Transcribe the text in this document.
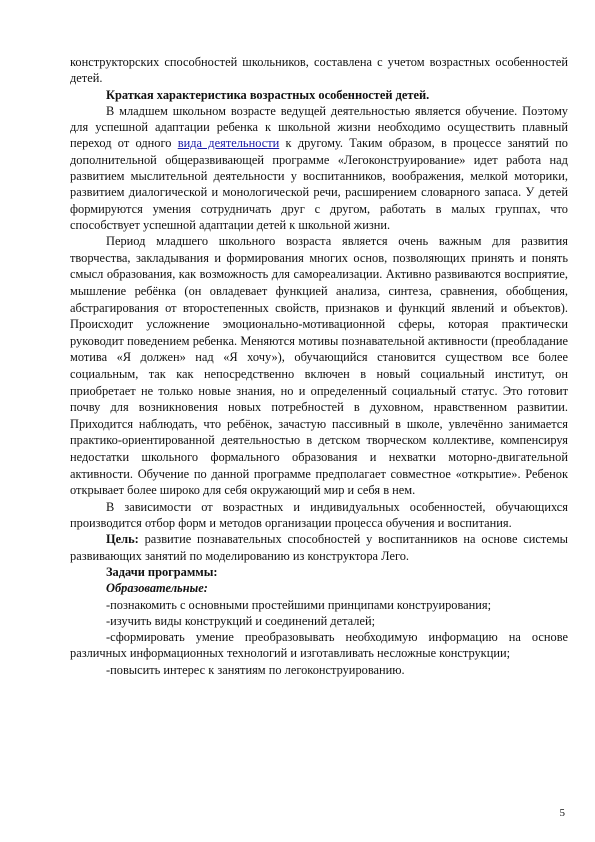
конструкторских способностей школьников, составлена с учетом возрастных особенностей детей.

Краткая характеристика возрастных особенностей детей.

В младшем школьном возрасте ведущей деятельностью является обучение. Поэтому для успешной адаптации ребенка к школьной жизни необходимо осуществить плавный переход от одного вида деятельности к другому. Таким образом, в процессе занятий по дополнительной общеразвивающей программе «Легоконструирование» идет работа над развитием мыслительной деятельности у воспитанников, воображения, мелкой моторики, развитием диалогической и монологической речи, расширением словарного запаса. У детей формируются умения сотрудничать друг с другом, работать в малых группах, что способствует успешной адаптации детей к школьной жизни.

Период младшего школьного возраста является очень важным для развития творчества, закладывания и формирования многих основ, позволяющих принять и понять смысл образования, как возможность для самореализации. Активно развиваются восприятие, мышление ребёнка (он овладевает функцией анализа, синтеза, сравнения, обобщения, абстрагирования от второстепенных свойств, признаков и функций явлений и объектов). Происходит усложнение эмоционально-мотивационной сферы, которая практически руководит поведением ребенка. Меняются мотивы познавательной активности (преобладание мотива «Я должен» над «Я хочу»), обучающийся становится существом все более социальным, так как непосредственно включен в новый социальный институт, он приобретает не только новые знания, но и определенный социальный статус. Это готовит почву для возникновения новых потребностей в духовном, нравственном развитии. Приходится наблюдать, что ребёнок, зачастую пассивный в школе, увлечённо занимается практико-ориентированной деятельностью в детском творческом коллективе, компенсируя недостатки школьного формального образования и нехватки моторно-двигательной активности. Обучение по данной программе предполагает совместное «открытие». Ребенок открывает более широко для себя окружающий мир и себя в нем.

В зависимости от возрастных и индивидуальных особенностей, обучающихся производится отбор форм и методов организации процесса обучения и воспитания.

Цель: развитие познавательных способностей у воспитанников на основе системы развивающих занятий по моделированию из конструктора Лего.

Задачи программы:

Образовательные:

-познакомить с основными простейшими принципами конструирования;

-изучить виды конструкций и соединений деталей;

-сформировать умение преобразовывать необходимую информацию на основе различных информационных технологий и изготавливать несложные конструкции;

-повысить интерес к занятиям по легоконструированию.

5
